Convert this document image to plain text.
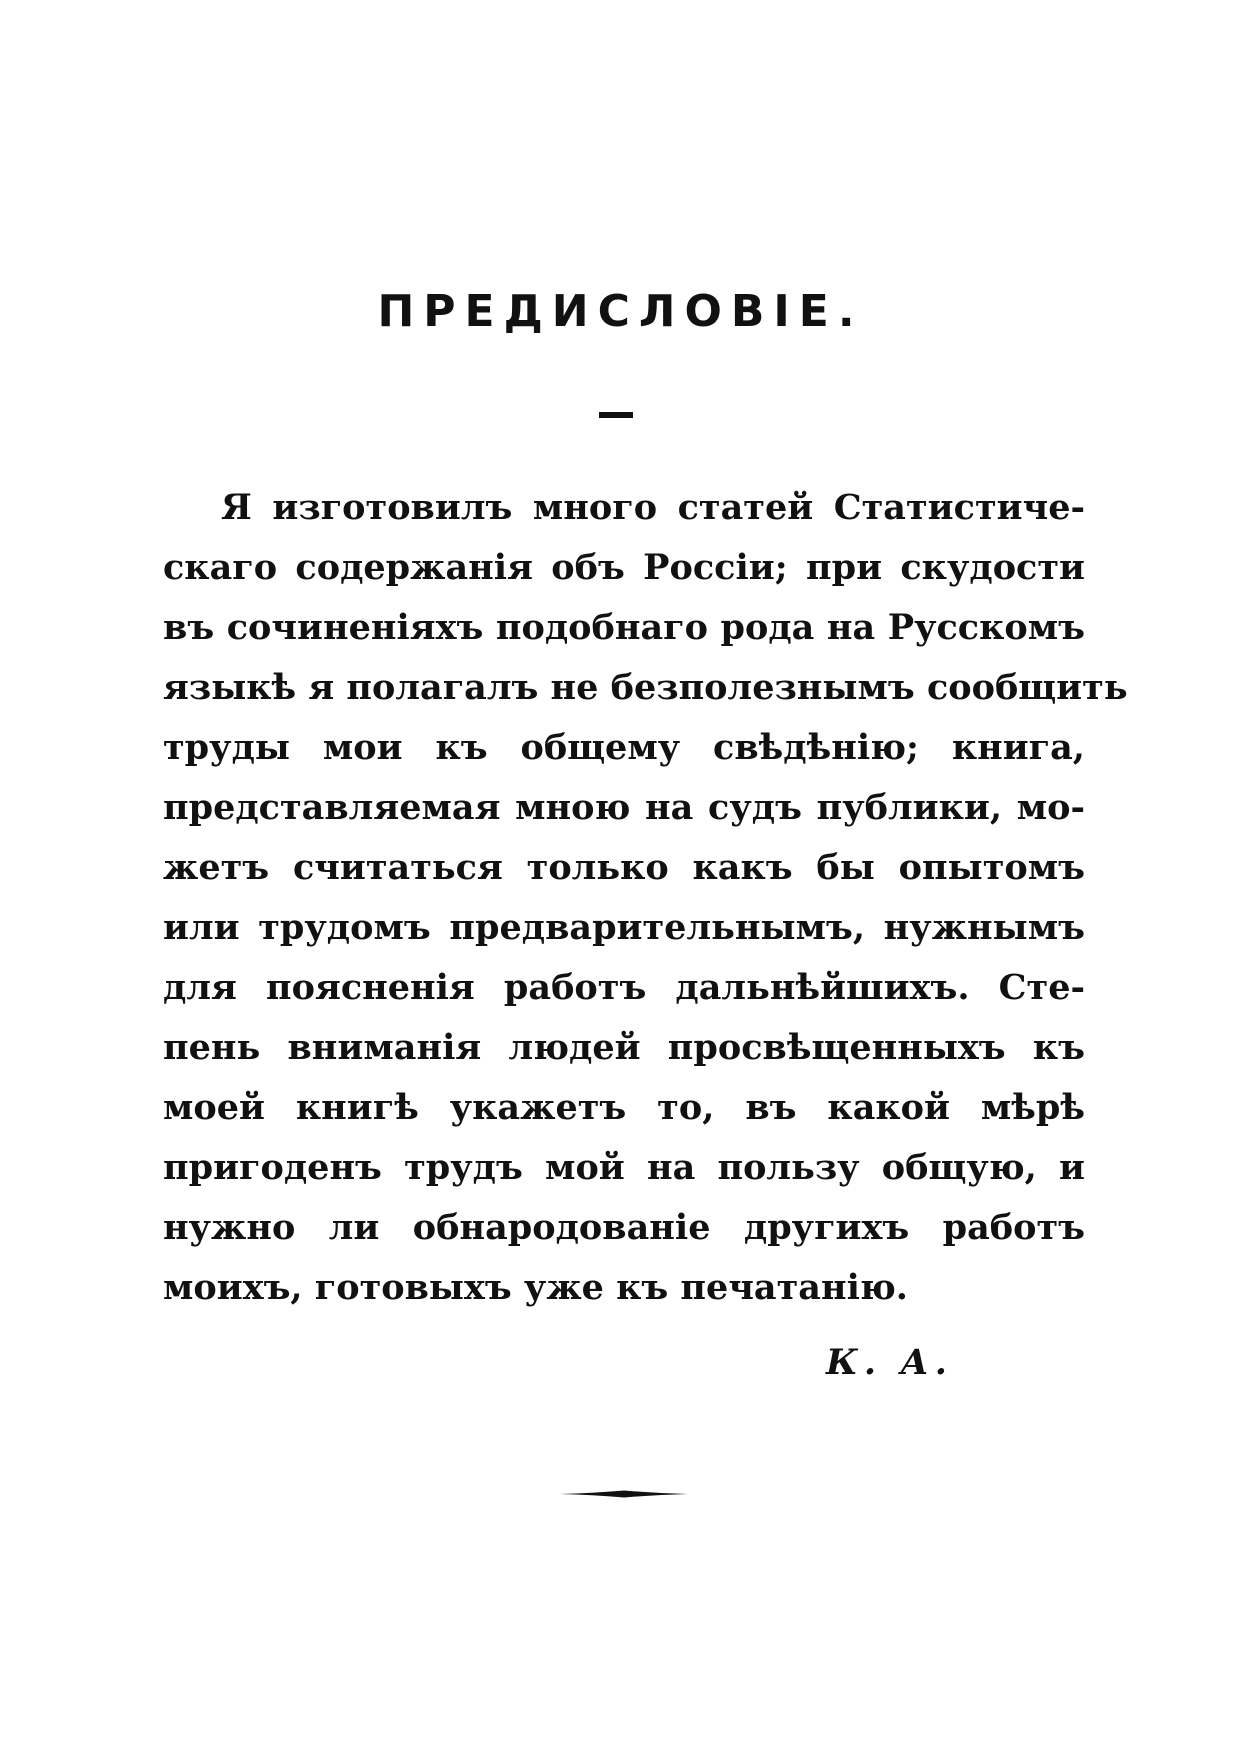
ПРЕДИСЛОВІЕ.
Я изготовилъ много статей Статистиче-
скаго содержанія объ Россіи; при скудости
въ сочиненіяхъ подобнаго рода на Русскомъ
языкѣ я полагалъ не безполезнымъ сообщить
труды мои къ общему свѣдѣнію; книга,
представляемая мною на судъ публики, мо-
жетъ считаться только какъ бы опытомъ
или трудомъ предварительнымъ, нужнымъ
для поясненія работъ дальнѣйшихъ. Сте-
пень вниманія людей просвѣщенныхъ къ
моей книгѣ укажетъ то, въ какой мѣрѣ
пригоденъ трудъ мой на пользу общую, и
нужно ли обнародованіе другихъ работъ
моихъ, готовыхъ уже къ печатанію.

К. А.
